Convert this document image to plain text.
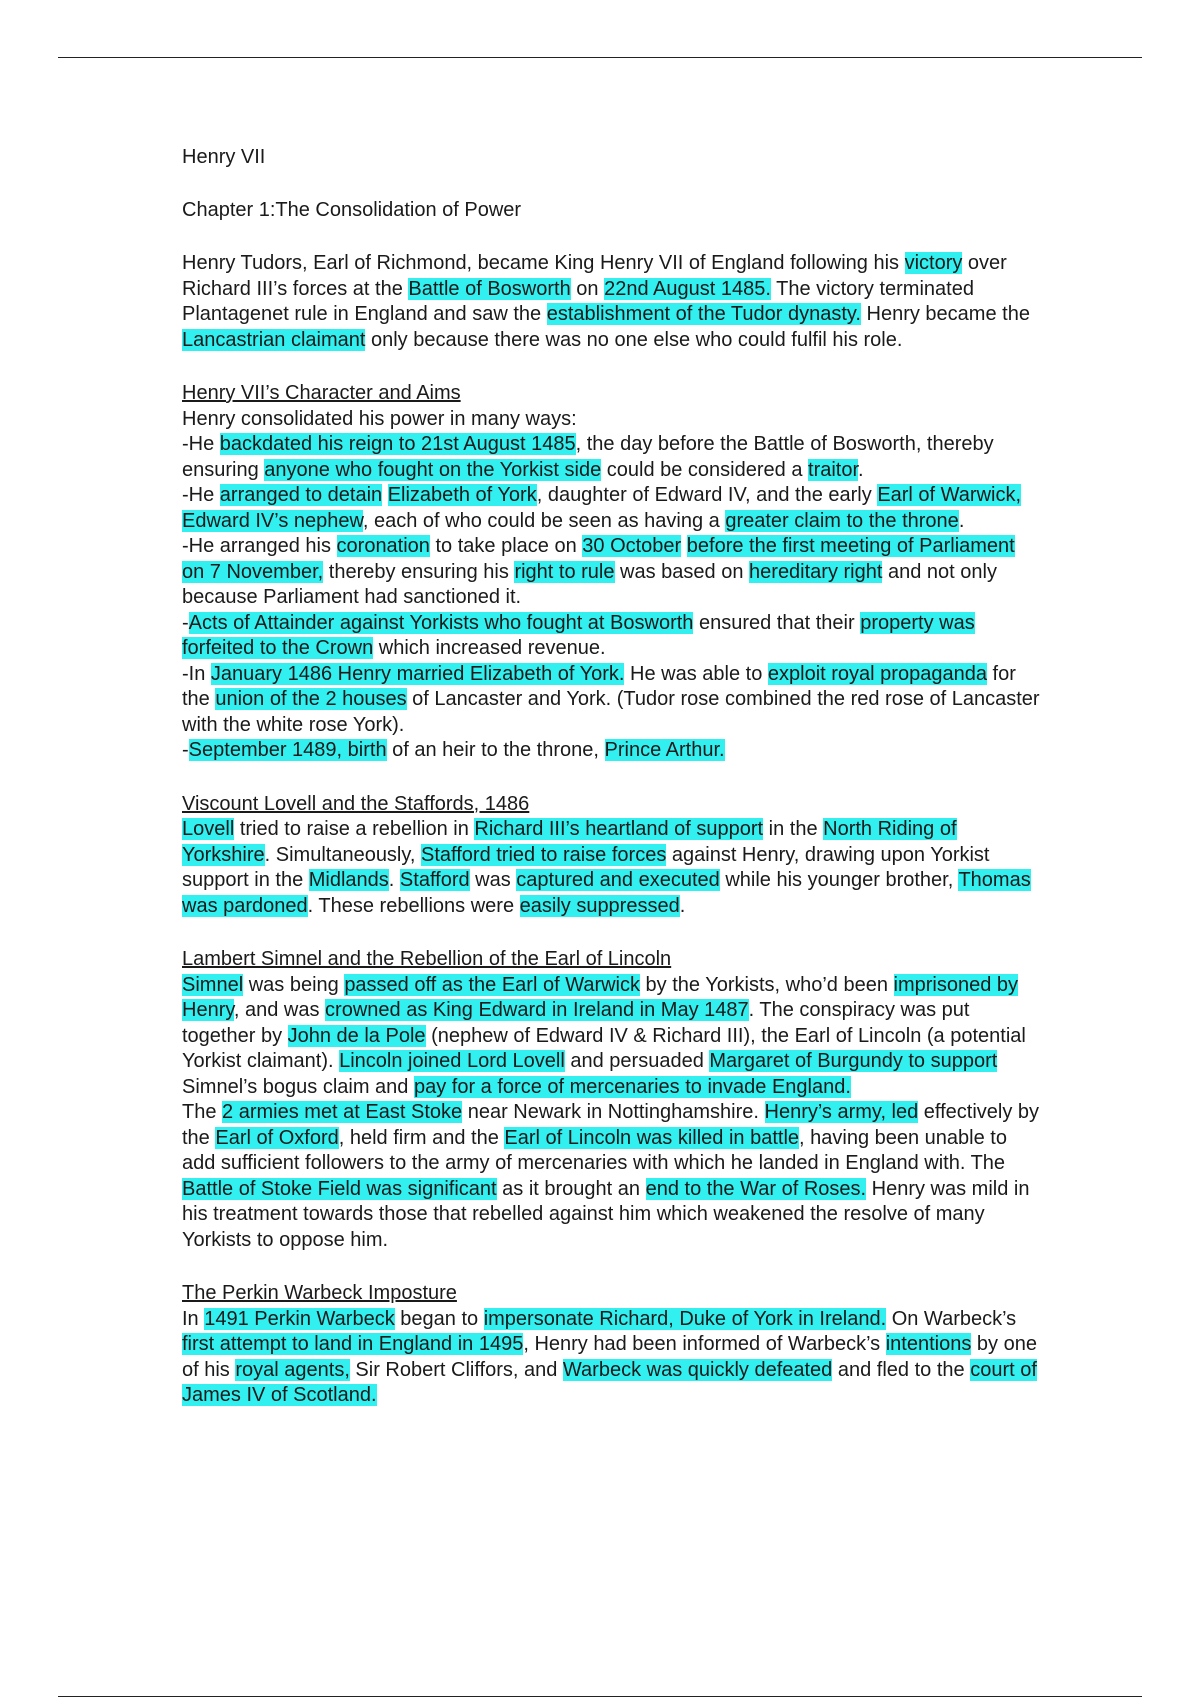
Henry VII

Chapter 1:The Consolidation of Power

Henry Tudors, Earl of Richmond, became King Henry VII of England following his victory over Richard III’s forces at the Battle of Bosworth on 22nd August 1485. The victory terminated Plantagenet rule in England and saw the establishment of the Tudor dynasty. Henry became the Lancastrian claimant only because there was no one else who could fulfil his role.

Henry VII’s Character and Aims

Henry consolidated his power in many ways:

-He backdated his reign to 21st August 1485, the day before the Battle of Bosworth, thereby ensuring anyone who fought on the Yorkist side could be considered a traitor.

-He arranged to detain Elizabeth of York, daughter of Edward IV, and the early Earl of Warwick, Edward IV’s nephew, each of who could be seen as having a greater claim to the throne.

-He arranged his coronation to take place on 30 October before the first meeting of Parliament on 7 November, thereby ensuring his right to rule was based on hereditary right and not only because Parliament had sanctioned it.

-Acts of Attainder against Yorkists who fought at Bosworth ensured that their property was forfeited to the Crown which increased revenue.

-In January 1486 Henry married Elizabeth of York. He was able to exploit royal propaganda for the union of the 2 houses of Lancaster and York. (Tudor rose combined the red rose of Lancaster with the white rose York).

-September 1489, birth of an heir to the throne, Prince Arthur.

Viscount Lovell and the Staffords, 1486

Lovell tried to raise a rebellion in Richard III’s heartland of support in the North Riding of Yorkshire. Simultaneously, Stafford tried to raise forces against Henry, drawing upon Yorkist support in the Midlands. Stafford was captured and executed while his younger brother, Thomas was pardoned. These rebellions were easily suppressed.

Lambert Simnel and the Rebellion of the Earl of Lincoln

Simnel was being passed off as the Earl of Warwick by the Yorkists, who’d been imprisoned by Henry, and was crowned as King Edward in Ireland in May 1487. The conspiracy was put together by John de la Pole (nephew of Edward IV & Richard III), the Earl of Lincoln (a potential Yorkist claimant). Lincoln joined Lord Lovell and persuaded Margaret of Burgundy to support Simnel’s bogus claim and pay for a force of mercenaries to invade England.

The 2 armies met at East Stoke near Newark in Nottinghamshire. Henry’s army, led effectively by the Earl of Oxford, held firm and the Earl of Lincoln was killed in battle, having been unable to add sufficient followers to the army of mercenaries with which he landed in England with. The Battle of Stoke Field was significant as it brought an end to the War of Roses. Henry was mild in his treatment towards those that rebelled against him which weakened the resolve of many Yorkists to oppose him.

The Perkin Warbeck Imposture

In 1491 Perkin Warbeck began to impersonate Richard, Duke of York in Ireland. On Warbeck’s first attempt to land in England in 1495, Henry had been informed of Warbeck’s intentions by one of his royal agents, Sir Robert Cliffors, and Warbeck was quickly defeated and fled to the court of James IV of Scotland.
